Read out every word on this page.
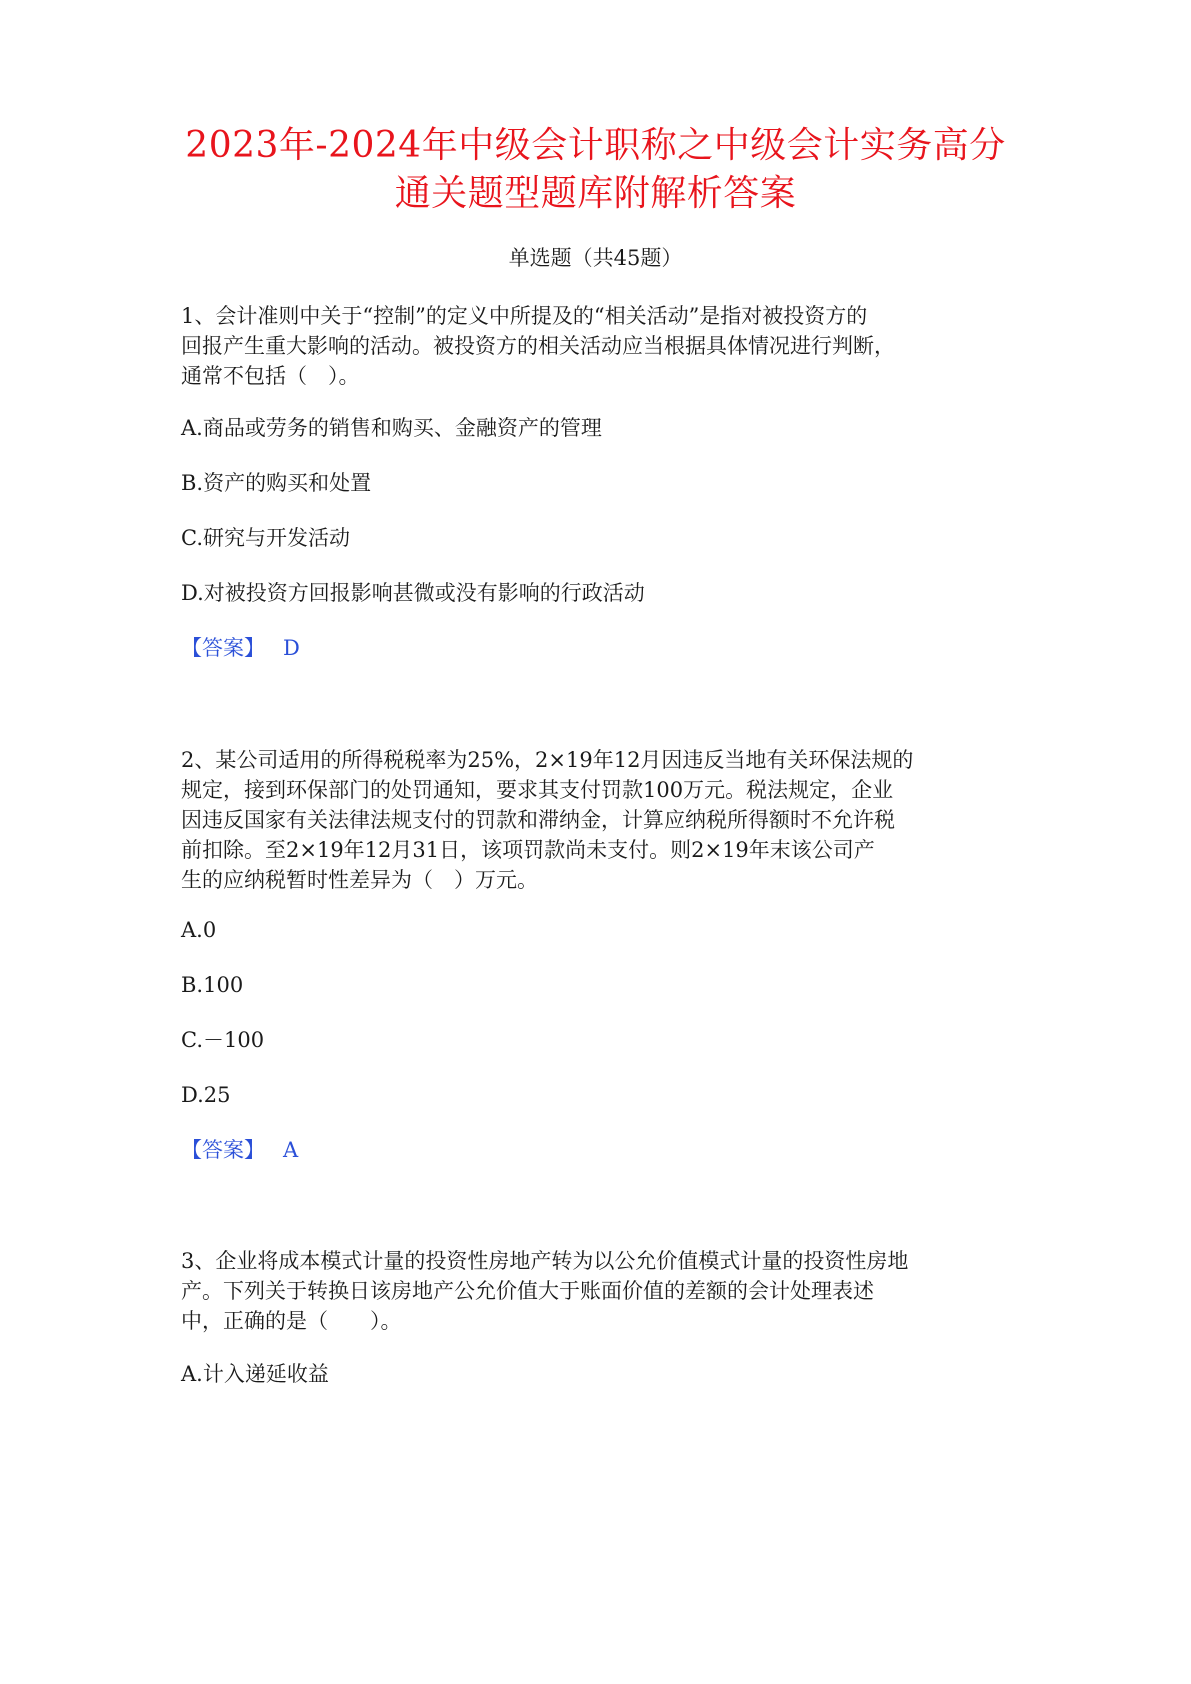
2023年-2024年中级会计职称之中级会计实务高分
通关题型题库附解析答案
单选题（共45题）
1、会计准则中关于“控制”的定义中所提及的“相关活动”是指对被投资方的
回报产生重大影响的活动。被投资方的相关活动应当根据具体情况进行判断，
通常不包括（　）。
A.商品或劳务的销售和购买、金融资产的管理
B.资产的购买和处置
C.研究与开发活动
D.对被投资方回报影响甚微或没有影响的行政活动
【答案】 D
2、某公司适用的所得税税率为25%，2×19年12月因违反当地有关环保法规的
规定，接到环保部门的处罚通知，要求其支付罚款100万元。税法规定，企业
因违反国家有关法律法规支付的罚款和滞纳金，计算应纳税所得额时不允许税
前扣除。至2×19年12月31日，该项罚款尚未支付。则2×19年末该公司产
生的应纳税暂时性差异为（　）万元。
A.0
B.100
C.－100
D.25
【答案】 A
3、企业将成本模式计量的投资性房地产转为以公允价值模式计量的投资性房地
产。下列关于转换日该房地产公允价值大于账面价值的差额的会计处理表述
中，正确的是（　　）。
A.计入递延收益
